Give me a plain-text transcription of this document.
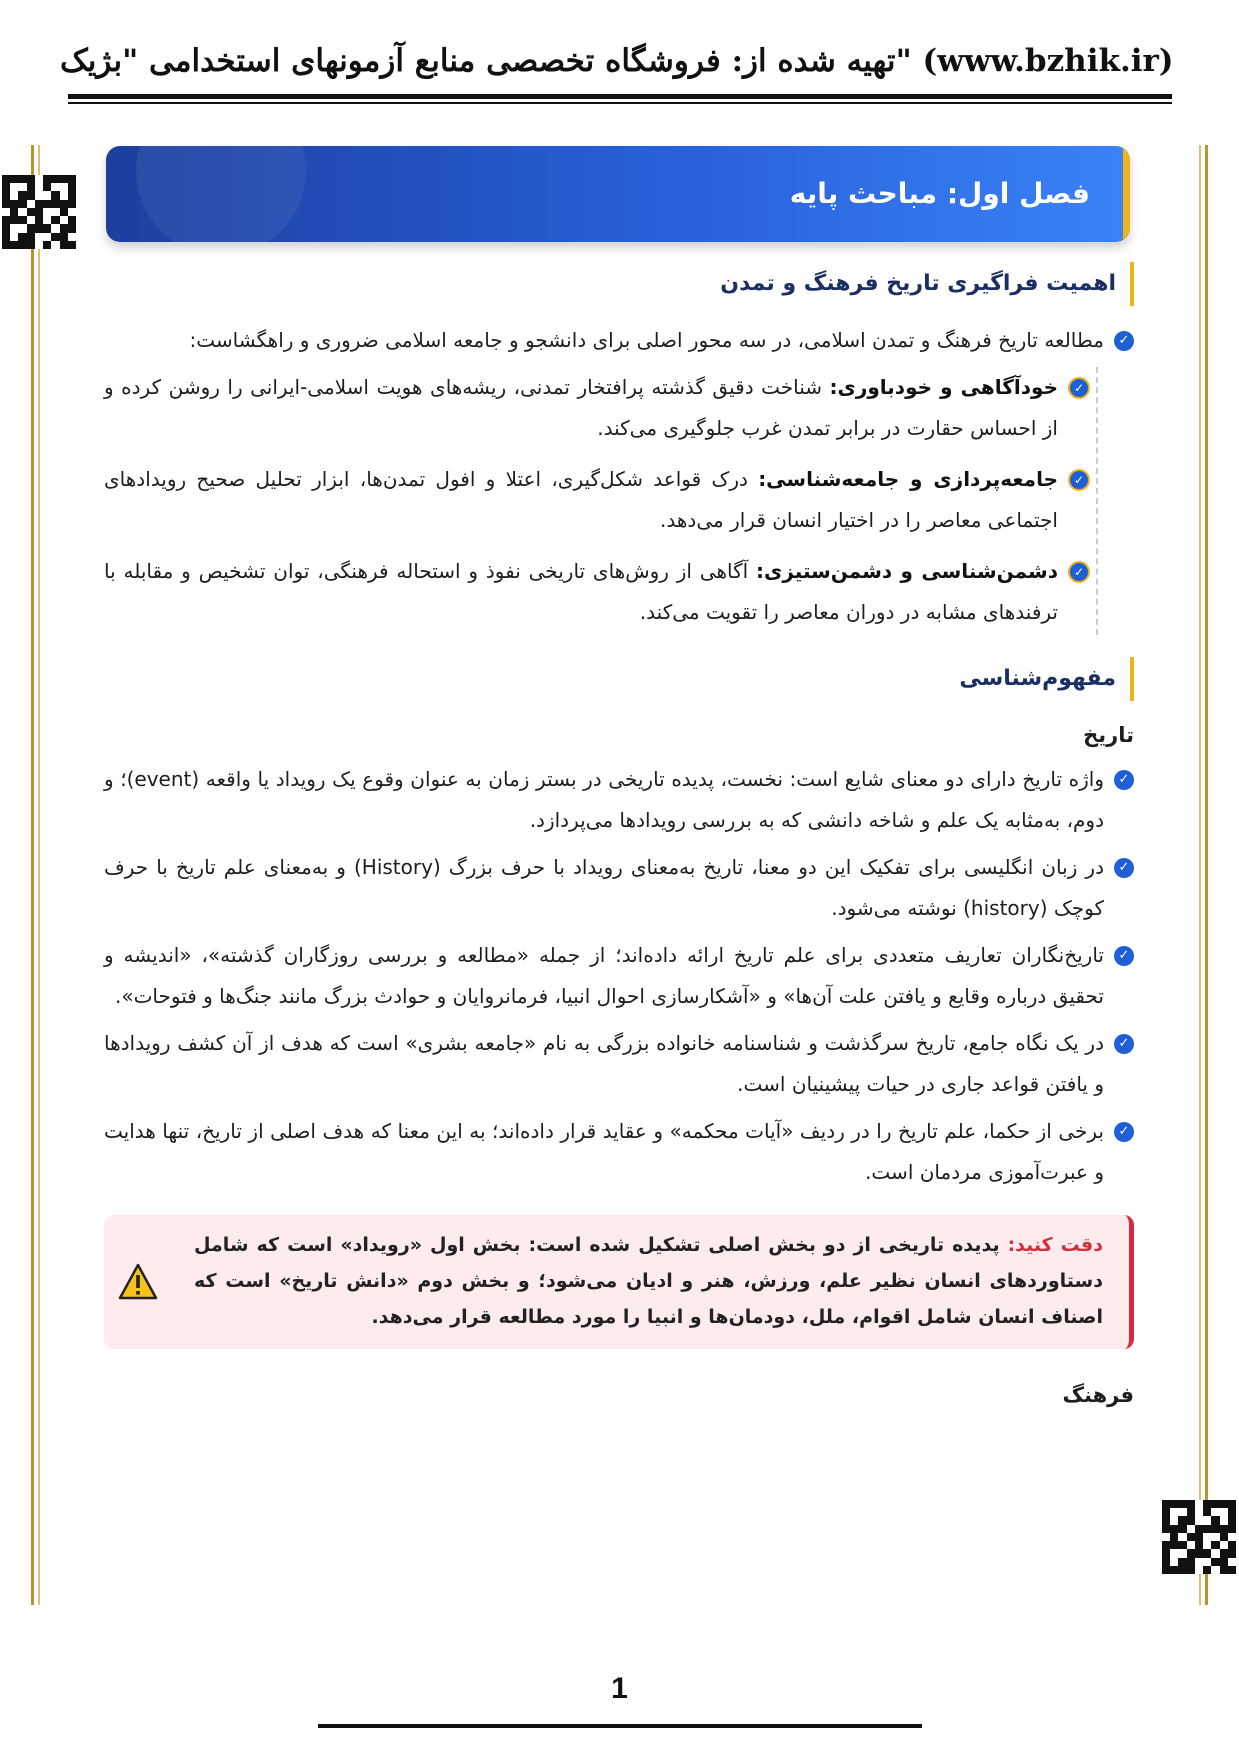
تهیه شده از: فروشگاه تخصصی منابع آزمونهای استخدامی "بژیک" (www.bzhik.ir)
فصل اول: مباحث پایه
اهمیت فراگیری تاریخ فرهنگ و تمدن
✓
مطالعه تاریخ فرهنگ و تمدن اسلامی، در سه محور اصلی برای دانشجو و جامعه اسلامی ضروری و راهگشاست:
✓
خودآگاهی و خودباوری: شناخت دقیق گذشته پرافتخار تمدنی، ریشه‌های هویت اسلامی-ایرانی را روشن کرده و از احساس حقارت در برابر تمدن غرب جلوگیری می‌کند.
✓
جامعه‌پردازی و جامعه‌شناسی: درک قواعد شکل‌گیری، اعتلا و افول تمدن‌ها، ابزار تحلیل صحیح رویدادهای اجتماعی معاصر را در اختیار انسان قرار می‌دهد.
✓
دشمن‌شناسی و دشمن‌ستیزی: آگاهی از روش‌های تاریخی نفوذ و استحاله فرهنگی، توان تشخیص و مقابله با ترفندهای مشابه در دوران معاصر را تقویت می‌کند.
مفهوم‌شناسی
تاریخ
✓
واژه تاریخ دارای دو معنای شایع است: نخست، پدیده تاریخی در بستر زمان به عنوان وقوع یک رویداد یا واقعه (event)؛ و دوم، به‌مثابه یک علم و شاخه دانشی که به بررسی رویدادها می‌پردازد.
✓
در زبان انگلیسی برای تفکیک این دو معنا، تاریخ به‌معنای رویداد با حرف بزرگ (History) و به‌معنای علم تاریخ با حرف کوچک (history) نوشته می‌شود.
✓
تاریخ‌نگاران تعاریف متعددی برای علم تاریخ ارائه داده‌اند؛ از جمله «مطالعه و بررسی روزگاران گذشته»، «اندیشه و تحقیق درباره وقایع و یافتن علت آن‌ها» و «آشکارسازی احوال انبیا، فرمانروایان و حوادث بزرگ مانند جنگ‌ها و فتوحات».
✓
در یک نگاه جامع، تاریخ سرگذشت و شناسنامه خانواده بزرگی به نام «جامعه بشری» است که هدف از آن کشف رویدادها و یافتن قواعد جاری در حیات پیشینیان است.
✓
برخی از حکما، علم تاریخ را در ردیف «آیات محکمه» و عقاید قرار داده‌اند؛ به این معنا که هدف اصلی از تاریخ، تنها هدایت و عبرت‌آموزی مردمان است.
دقت کنید: پدیده تاریخی از دو بخش اصلی تشکیل شده است: بخش اول «رویداد» است که شامل دستاوردهای انسان نظیر علم، ورزش، هنر و ادیان می‌شود؛ و بخش دوم «دانش تاریخ» است که اصناف انسان شامل اقوام، ملل، دودمان‌ها و انبیا را مورد مطالعه قرار می‌دهد.
فرهنگ
1
